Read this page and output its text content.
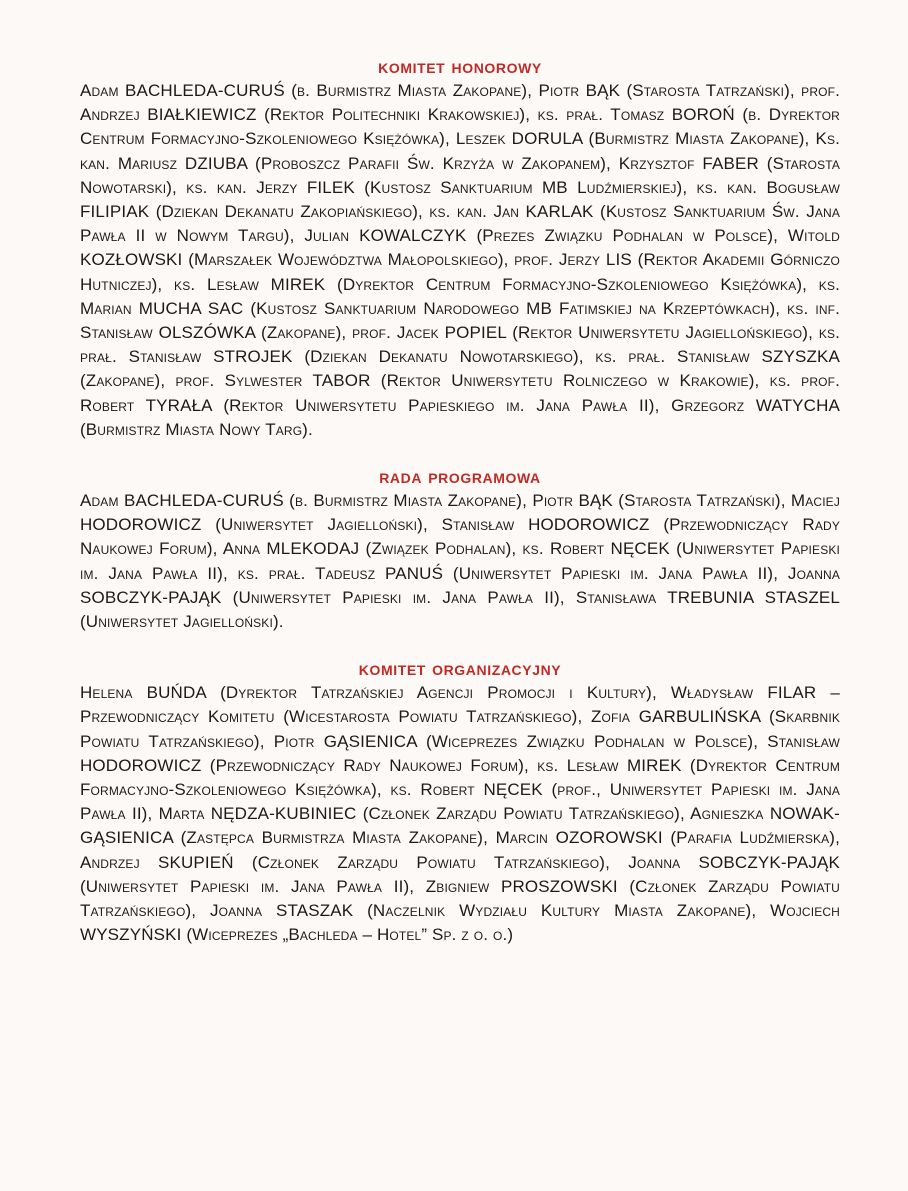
komitet honorowy

Adam BACHLEDA-CURUŚ (b. Burmistrz Miasta Zakopane), Piotr BĄK (Starosta Tatrzański), prof. Andrzej BIAŁKIEWICZ (Rektor Politechniki Krakowskiej), ks. prał. Tomasz BOROŃ (b. Dyrektor Centrum Formacyjno-Szkoleniowego Księżówka), Leszek DORULA (Burmistrz Miasta Zakopane), Ks. kan. Mariusz DZIUBA (Proboszcz Parafii Św. Krzyża w Zakopanem), Krzysztof FABER (Starosta Nowotarski), ks. kan. Jerzy FILEK (Kustosz Sanktuarium MB Ludźmierskiej), ks. kan. Bogusław FILIPIAK (Dziekan Dekanatu Zakopiańskiego), ks. kan. Jan KARLAK (Kustosz Sanktuarium Św. Jana Pawła II w Nowym Targu), Julian KOWALCZYK (Prezes Związku Podhalan w Polsce), Witold KOZŁOWSKI (Marszałek Województwa Małopolskiego), prof. Jerzy LIS (Rektor Akademii Górniczo Hutniczej), ks. Lesław MIREK (Dyrektor Centrum Formacyjno-Szkoleniowego Księżówka), ks. Marian MUCHA SAC (Kustosz Sanktuarium Narodowego MB Fatimskiej na Krzeptówkach), ks. inf. Stanisław OLSZÓWKA (Zakopane), prof. Jacek POPIEL (Rektor Uniwersytetu Jagiellońskiego), ks. prał. Stanisław STROJEK (Dziekan Dekanatu Nowotarskiego), ks. prał. Stanisław SZYSZKA (Zakopane), prof. Sylwester TABOR (Rektor Uniwersytetu Rolniczego w Krakowie), ks. prof. Robert TYRAŁA (Rektor Uniwersytetu Papieskiego im. Jana Pawła II), Grzegorz WATYCHA (Burmistrz Miasta Nowy Targ).

rada programowa

Adam BACHLEDA-CURUŚ (b. Burmistrz Miasta Zakopane), Piotr BĄK (Starosta Tatrzański), Maciej HODOROWICZ (Uniwersytet Jagielloński), Stanisław HODOROWICZ (Przewodniczący Rady Naukowej Forum), Anna MLEKODAJ (Związek Podhalan), ks. Robert NĘCEK (Uniwersytet Papieski im. Jana Pawła II), ks. prał. Tadeusz PANUŚ (Uniwersytet Papieski im. Jana Pawła II), Joanna SOBCZYK-PAJĄK (Uniwersytet Papieski im. Jana Pawła II), Stanisława TREBUNIA STASZEL (Uniwersytet Jagielloński).

komitet organizacyjny

Helena BUŃDA (Dyrektor Tatrzańskiej Agencji Promocji i Kultury), Władysław FILAR – Przewodniczący Komitetu (Wicestarosta Powiatu Tatrzańskiego), Zofia GARBULIŃSKA (Skarbnik Powiatu Tatrzańskiego), Piotr GĄSIENICA (Wiceprezes Związku Podhalan w Polsce), Stanisław HODOROWICZ (Przewodniczący Rady Naukowej Forum), ks. Lesław MIREK (Dyrektor Centrum Formacyjno-Szkoleniowego Księżówka), ks. Robert NĘCEK (prof., Uniwersytet Papieski im. Jana Pawła II), Marta NĘDZA-KUBINIEC (Członek Zarządu Powiatu Tatrzańskiego), Agnieszka NOWAK-GĄSIENICA (Zastępca Burmistrza Miasta Zakopane), Marcin OZOROWSKI (Parafia Ludźmierska), Andrzej SKUPIEŃ (Członek Zarządu Powiatu Tatrzańskiego), Joanna SOBCZYK-PAJĄK (Uniwersytet Papieski im. Jana Pawła II), Zbigniew PROSZOWSKI (Członek Zarządu Powiatu Tatrzańskiego), Joanna STASZAK (Naczelnik Wydziału Kultury Miasta Zakopane), Wojciech WYSZYŃSKI (Wiceprezes „Bachleda – Hotel” Sp. z o. o.)
